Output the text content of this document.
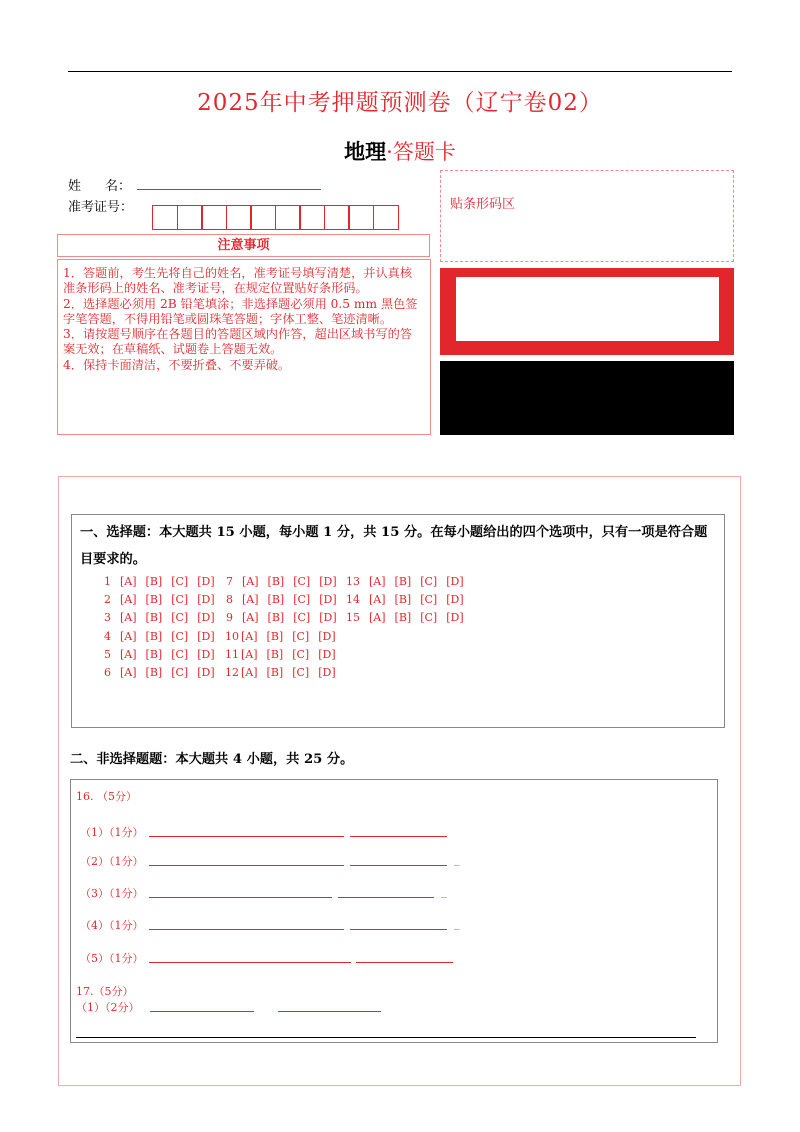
2025年中考押题预测卷（辽宁卷02）
地理·答题卡
姓 名：
准考证号：
注意事项

1．答题前，考生先将自己的姓名，准考证号填写清楚，并认真核准条形码上的姓名、准考证号，在规定位置贴好条形码。

2．选择题必须用 2B 铅笔填涂；非选择题必须用 0.5 mm 黑色签字笔答题，不得用铅笔或圆珠笔答题；字体工整、笔迹清晰。

3．请按题号顺序在各题目的答题区域内作答，超出区域书写的答案无效；在草稿纸、试题卷上答题无效。

4．保持卡面清洁，不要折叠、不要弄破。

贴条形码区
一、选择题：本大题共 15 小题，每小题 1 分，共 15 分。在每小题给出的四个选项中，只有一项是符合题目要求的。
1 [A] [B] [C] [D]
2 [A] [B] [C] [D]
3 [A] [B] [C] [D]
4 [A] [B] [C] [D]
5 [A] [B] [C] [D]
6 [A] [B] [C] [D]
7 [A] [B] [C] [D]
8 [A] [B] [C] [D]
9 [A] [B] [C] [D]
10 [A] [B] [C] [D]
11 [A] [B] [C] [D]
12 [A] [B] [C] [D]
13 [A] [B] [C] [D]
14 [A] [B] [C] [D]
15 [A] [B] [C] [D]
二、非选择题题：本大题共 4 小题，共 25 分。
16. （5分）
（1）（1分）
（2）（1分）	_
（3）（1分）	_
（4）（1分）	_
（5）（1分）
17.（5分）
（1）（2分）
